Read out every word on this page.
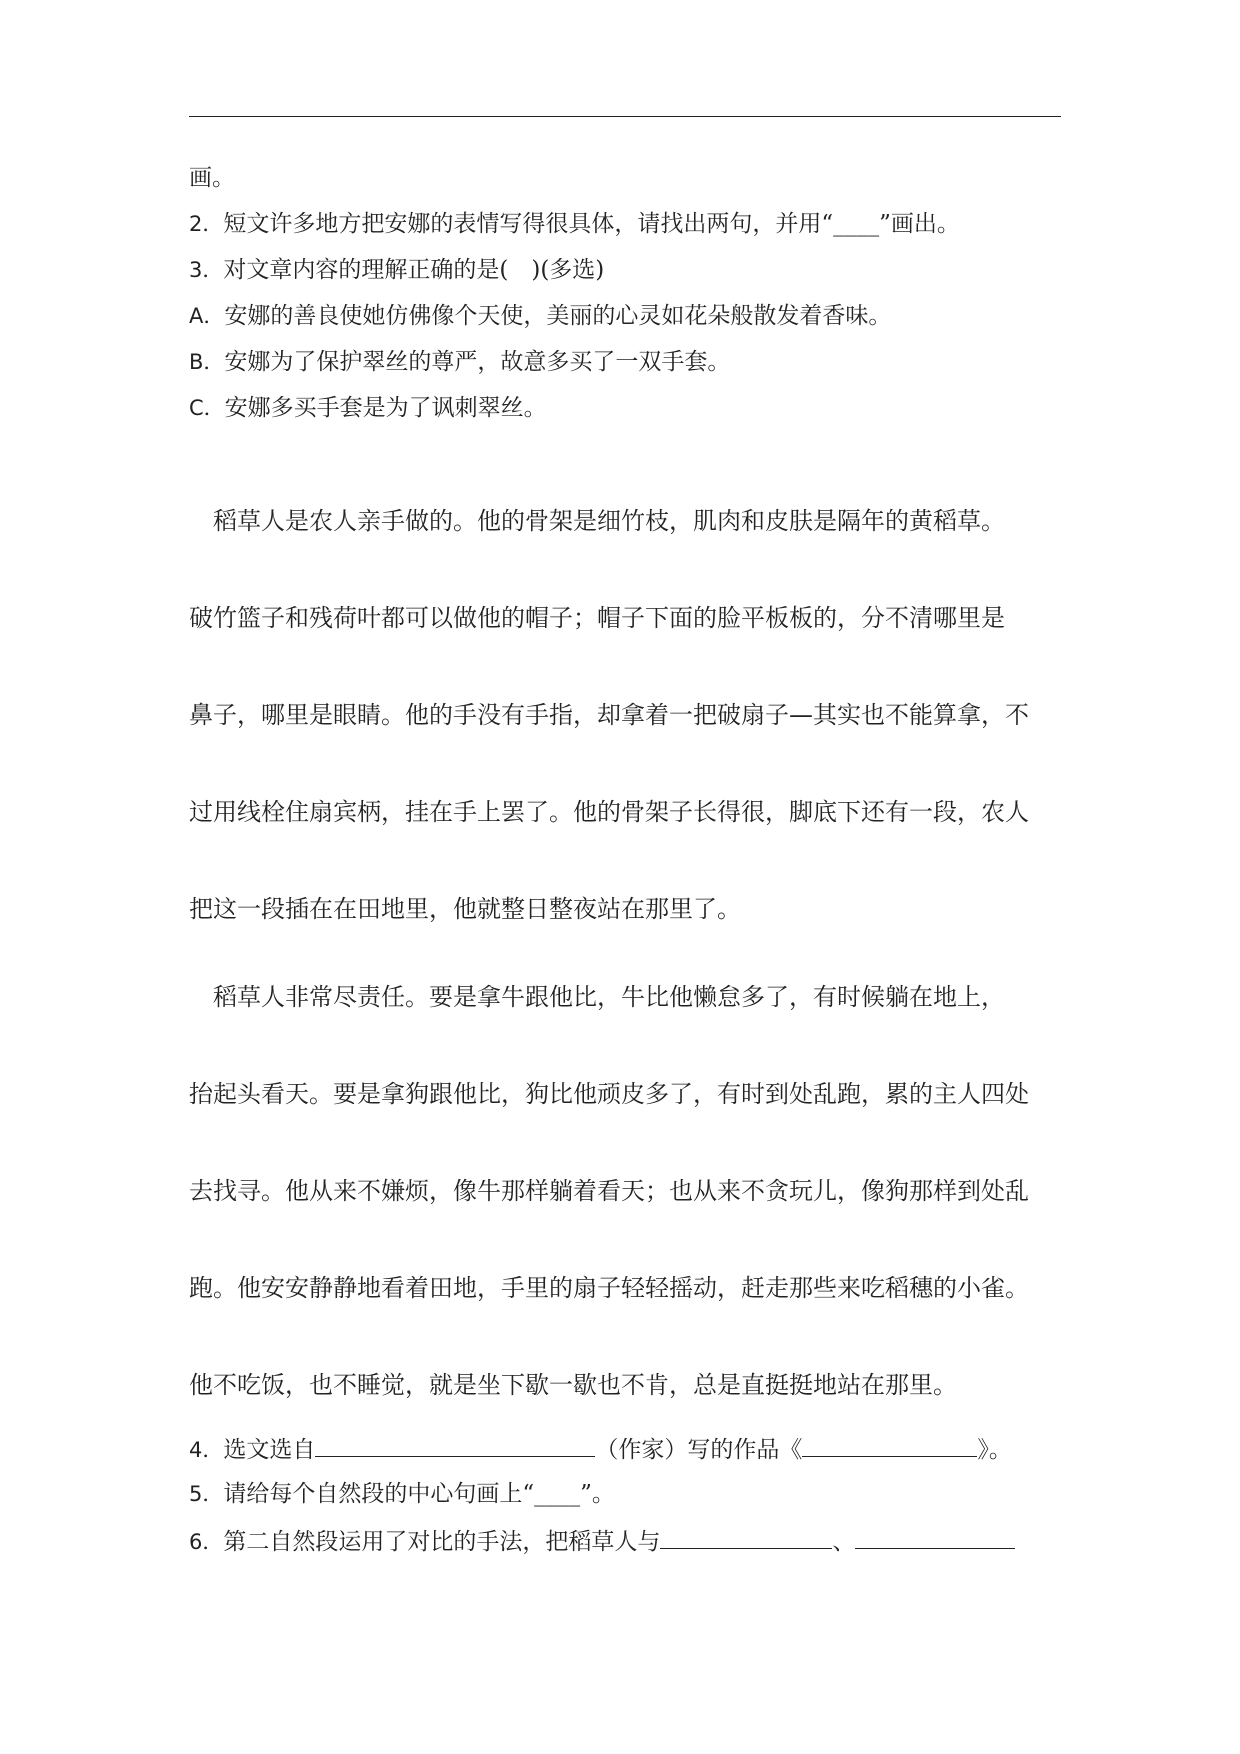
画。
2．短文许多地方把安娜的表情写得很具体，请找出两句，并用“____”画出。
3．对文章内容的理解正确的是(　)(多选)
A．安娜的善良使她仿佛像个天使，美丽的心灵如花朵般散发着香味。
B．安娜为了保护翠丝的尊严，故意多买了一双手套。
C．安娜多买手套是为了讽刺翠丝。
　稻草人是农人亲手做的。他的骨架是细竹枝，肌肉和皮肤是隔年的黄稻草。
破竹篮子和残荷叶都可以做他的帽子；帽子下面的脸平板板的，分不清哪里是
鼻子，哪里是眼睛。他的手没有手指，却拿着一把破扇子—其实也不能算拿，不
过用线栓住扇宾柄，挂在手上罢了。他的骨架子长得很，脚底下还有一段，农人
把这一段插在在田地里，他就整日整夜站在那里了。
　稻草人非常尽责任。要是拿牛跟他比，牛比他懒怠多了，有时候躺在地上，
抬起头看天。要是拿狗跟他比，狗比他顽皮多了，有时到处乱跑，累的主人四处
去找寻。他从来不嫌烦，像牛那样躺着看天；也从来不贪玩儿，像狗那样到处乱
跑。他安安静静地看着田地，手里的扇子轻轻摇动，赶走那些来吃稻穗的小雀。
他不吃饭，也不睡觉，就是坐下歇一歇也不肯，总是直挺挺地站在那里。
4．选文选自	（作家）写的作品《	》。
5．请给每个自然段的中心句画上“____”。
6．第二自然段运用了对比的手法，把稻草人与	、
